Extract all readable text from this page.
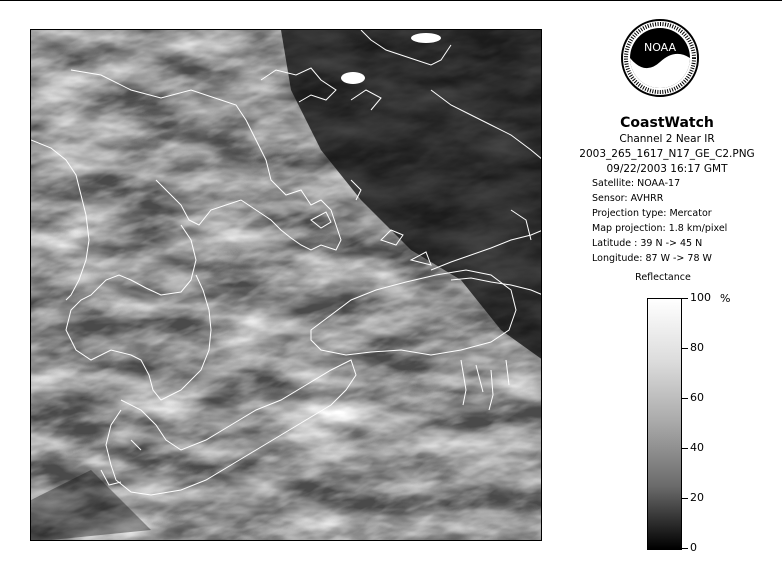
NOAA
CoastWatch
Channel 2 Near IR
2003_265_1617_N17_GE_C2.PNG
09/22/2003 16:17 GMT
Satellite: NOAA-17
Sensor: AVHRR
Projection type: Mercator
Map projection: 1.8 km/pixel
Latitude : 39 N -> 45 N
Longitude: 87 W -> 78 W
Reflectance
%
100
80
60
40
20
0
